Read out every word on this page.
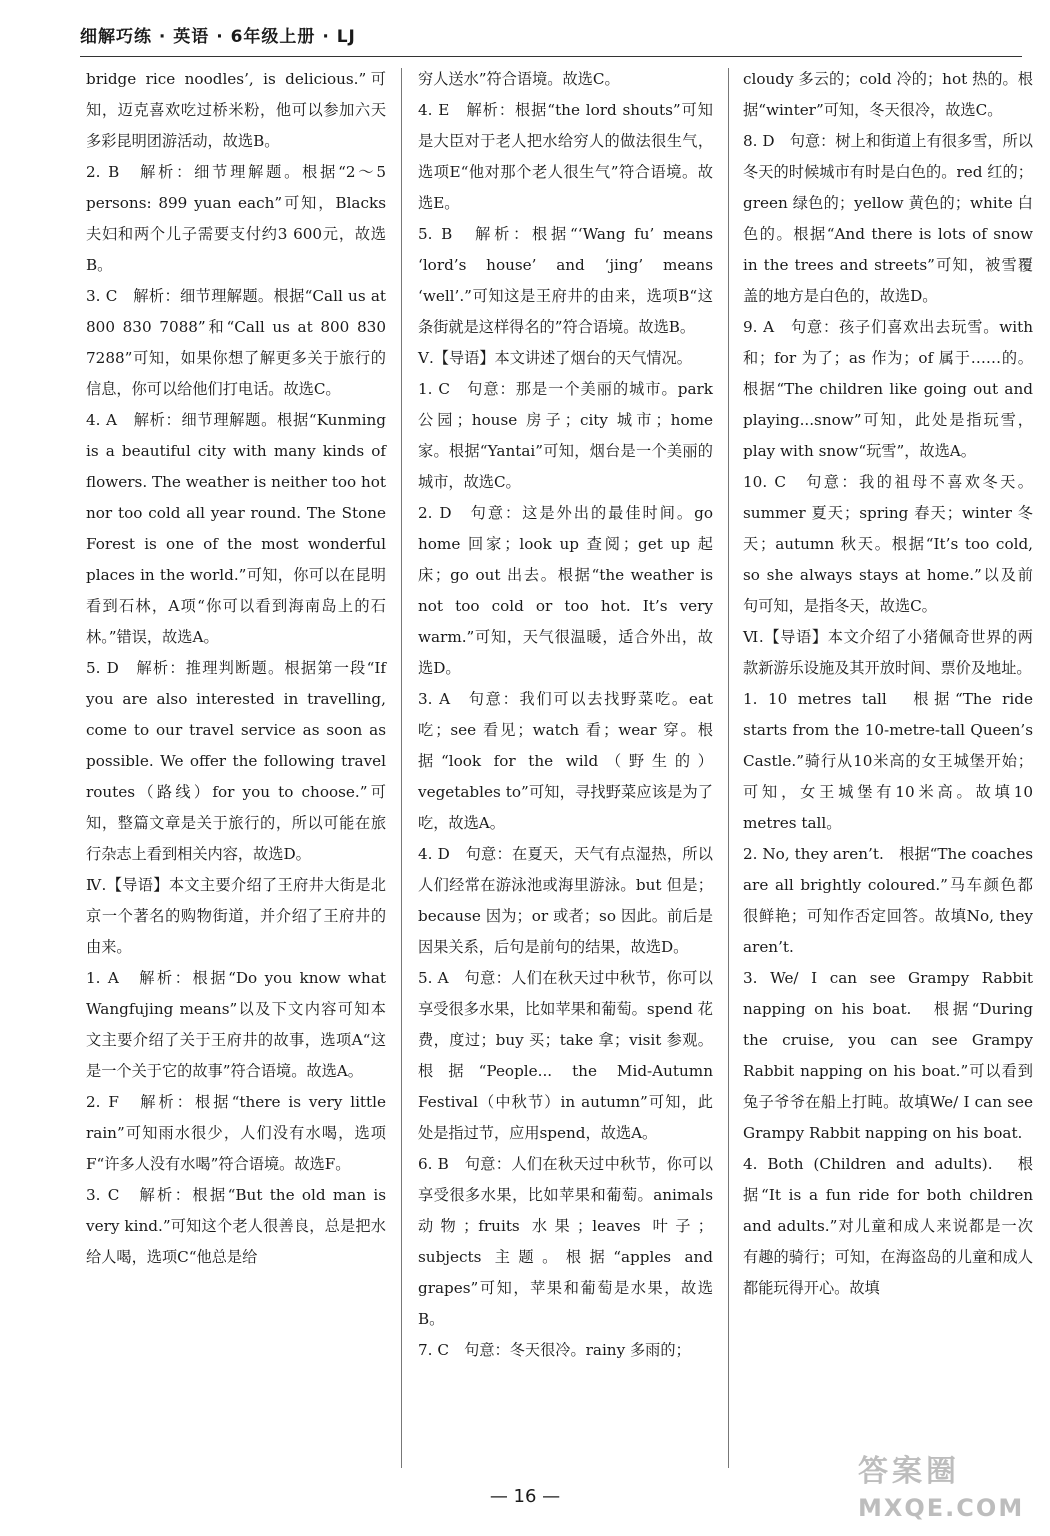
细解巧练 · 英语 · 6年级上册 · LJ

bridge rice noodles’, is delicious.”可知，迈克喜欢吃过桥米粉，他可以参加六天多彩昆明团游活动，故选B。

2. B　解析：细节理解题。根据“2～5 persons: 899 yuan each”可知，Blacks夫妇和两个儿子需要支付约3 600元，故选B。

3. C　解析：细节理解题。根据“Call us at 800 830 7088”和“Call us at 800 830 7288”可知，如果你想了解更多关于旅行的信息，你可以给他们打电话。故选C。

4. A　解析：细节理解题。根据“Kunming is a beautiful city with many kinds of flowers. The weather is neither too hot nor too cold all year round. The Stone Forest is one of the most wonderful places in the world.”可知，你可以在昆明看到石林，A项“你可以看到海南岛上的石林。”错误，故选A。

5. D　解析：推理判断题。根据第一段“If you are also interested in travelling, come to our travel service as soon as possible. We offer the following travel routes（路线）for you to choose.”可知，整篇文章是关于旅行的，所以可能在旅行杂志上看到相关内容，故选D。

Ⅳ.【导语】本文主要介绍了王府井大街是北京一个著名的购物街道，并介绍了王府井的由来。

1. A　解析：根据“Do you know what Wangfujing means”以及下文内容可知本文主要介绍了关于王府井的故事，选项A“这是一个关于它的故事”符合语境。故选A。

2. F　解析：根据“there is very little rain”可知雨水很少，人们没有水喝，选项F“许多人没有水喝”符合语境。故选F。

3. C　解析：根据“But the old man is very kind.”可知这个老人很善良，总是把水给人喝，选项C“他总是给

穷人送水”符合语境。故选C。

4. E　解析：根据“the lord shouts”可知是大臣对于老人把水给穷人的做法很生气，选项E“他对那个老人很生气”符合语境。故选E。

5. B　解析：根据“‘Wang fu’ means ‘lord’s house’ and ‘jing’ means ‘well’.”可知这是王府井的由来，选项B“这条街就是这样得名的”符合语境。故选B。

Ⅴ.【导语】本文讲述了烟台的天气情况。

1. C　句意：那是一个美丽的城市。park 公园；house 房子；city 城市；home 家。根据“Yantai”可知，烟台是一个美丽的城市，故选C。

2. D　句意：这是外出的最佳时间。go home 回家；look up 查阅；get up 起床；go out 出去。根据“the weather is not too cold or too hot. It’s very warm.”可知，天气很温暖，适合外出，故选D。

3. A　句意：我们可以去找野菜吃。eat 吃；see 看见；watch 看；wear 穿。根据“look for the wild（野生的）vegetables to”可知，寻找野菜应该是为了吃，故选A。

4. D　句意：在夏天，天气有点湿热，所以人们经常在游泳池或海里游泳。but 但是；because 因为；or 或者；so 因此。前后是因果关系，后句是前句的结果，故选D。

5. A　句意：人们在秋天过中秋节，你可以享受很多水果，比如苹果和葡萄。spend 花费，度过；buy 买；take 拿；visit 参观。根据“People... the Mid-Autumn Festival（中秋节）in autumn”可知，此处是指过节，应用spend，故选A。

6. B　句意：人们在秋天过中秋节，你可以享受很多水果，比如苹果和葡萄。animals 动物；fruits 水果；leaves 叶子；subjects 主题。根据“apples and grapes”可知，苹果和葡萄是水果，故选B。

7. C　句意：冬天很冷。rainy 多雨的；

cloudy 多云的；cold 冷的；hot 热的。根据“winter”可知，冬天很冷，故选C。

8. D　句意：树上和街道上有很多雪，所以冬天的时候城市有时是白色的。red 红的；green 绿色的；yellow 黄色的；white 白色的。根据“And there is lots of snow in the trees and streets”可知，被雪覆盖的地方是白色的，故选D。

9. A　句意：孩子们喜欢出去玩雪。with 和；for 为了；as 作为；of 属于……的。根据“The children like going out and playing...snow”可知，此处是指玩雪，play with snow“玩雪”，故选A。

10. C　句意：我的祖母不喜欢冬天。summer 夏天；spring 春天；winter 冬天；autumn 秋天。根据“It’s too cold, so she always stays at home.”以及前句可知，是指冬天，故选C。

Ⅵ.【导语】本文介绍了小猪佩奇世界的两款新游乐设施及其开放时间、票价及地址。

1. 10 metres tall　根据“The ride starts from the 10-metre-tall Queen’s Castle.”骑行从10米高的女王城堡开始；可知，女王城堡有10米高。故填10 metres tall。

2. No, they aren’t.　根据“The coaches are all brightly coloured.”马车颜色都很鲜艳；可知作否定回答。故填No, they aren’t.

3. We/ I can see Grampy Rabbit napping on his boat.　根据“During the cruise, you can see Grampy Rabbit napping on his boat.”可以看到兔子爷爷在船上打盹。故填We/ I can see Grampy Rabbit napping on his boat.

4. Both (Children and adults).　根据“It is a fun ride for both children and adults.”对儿童和成人来说都是一次有趣的骑行；可知，在海盗岛的儿童和成人都能玩得开心。故填

— 16 —
答案圈
MXQE.COM
